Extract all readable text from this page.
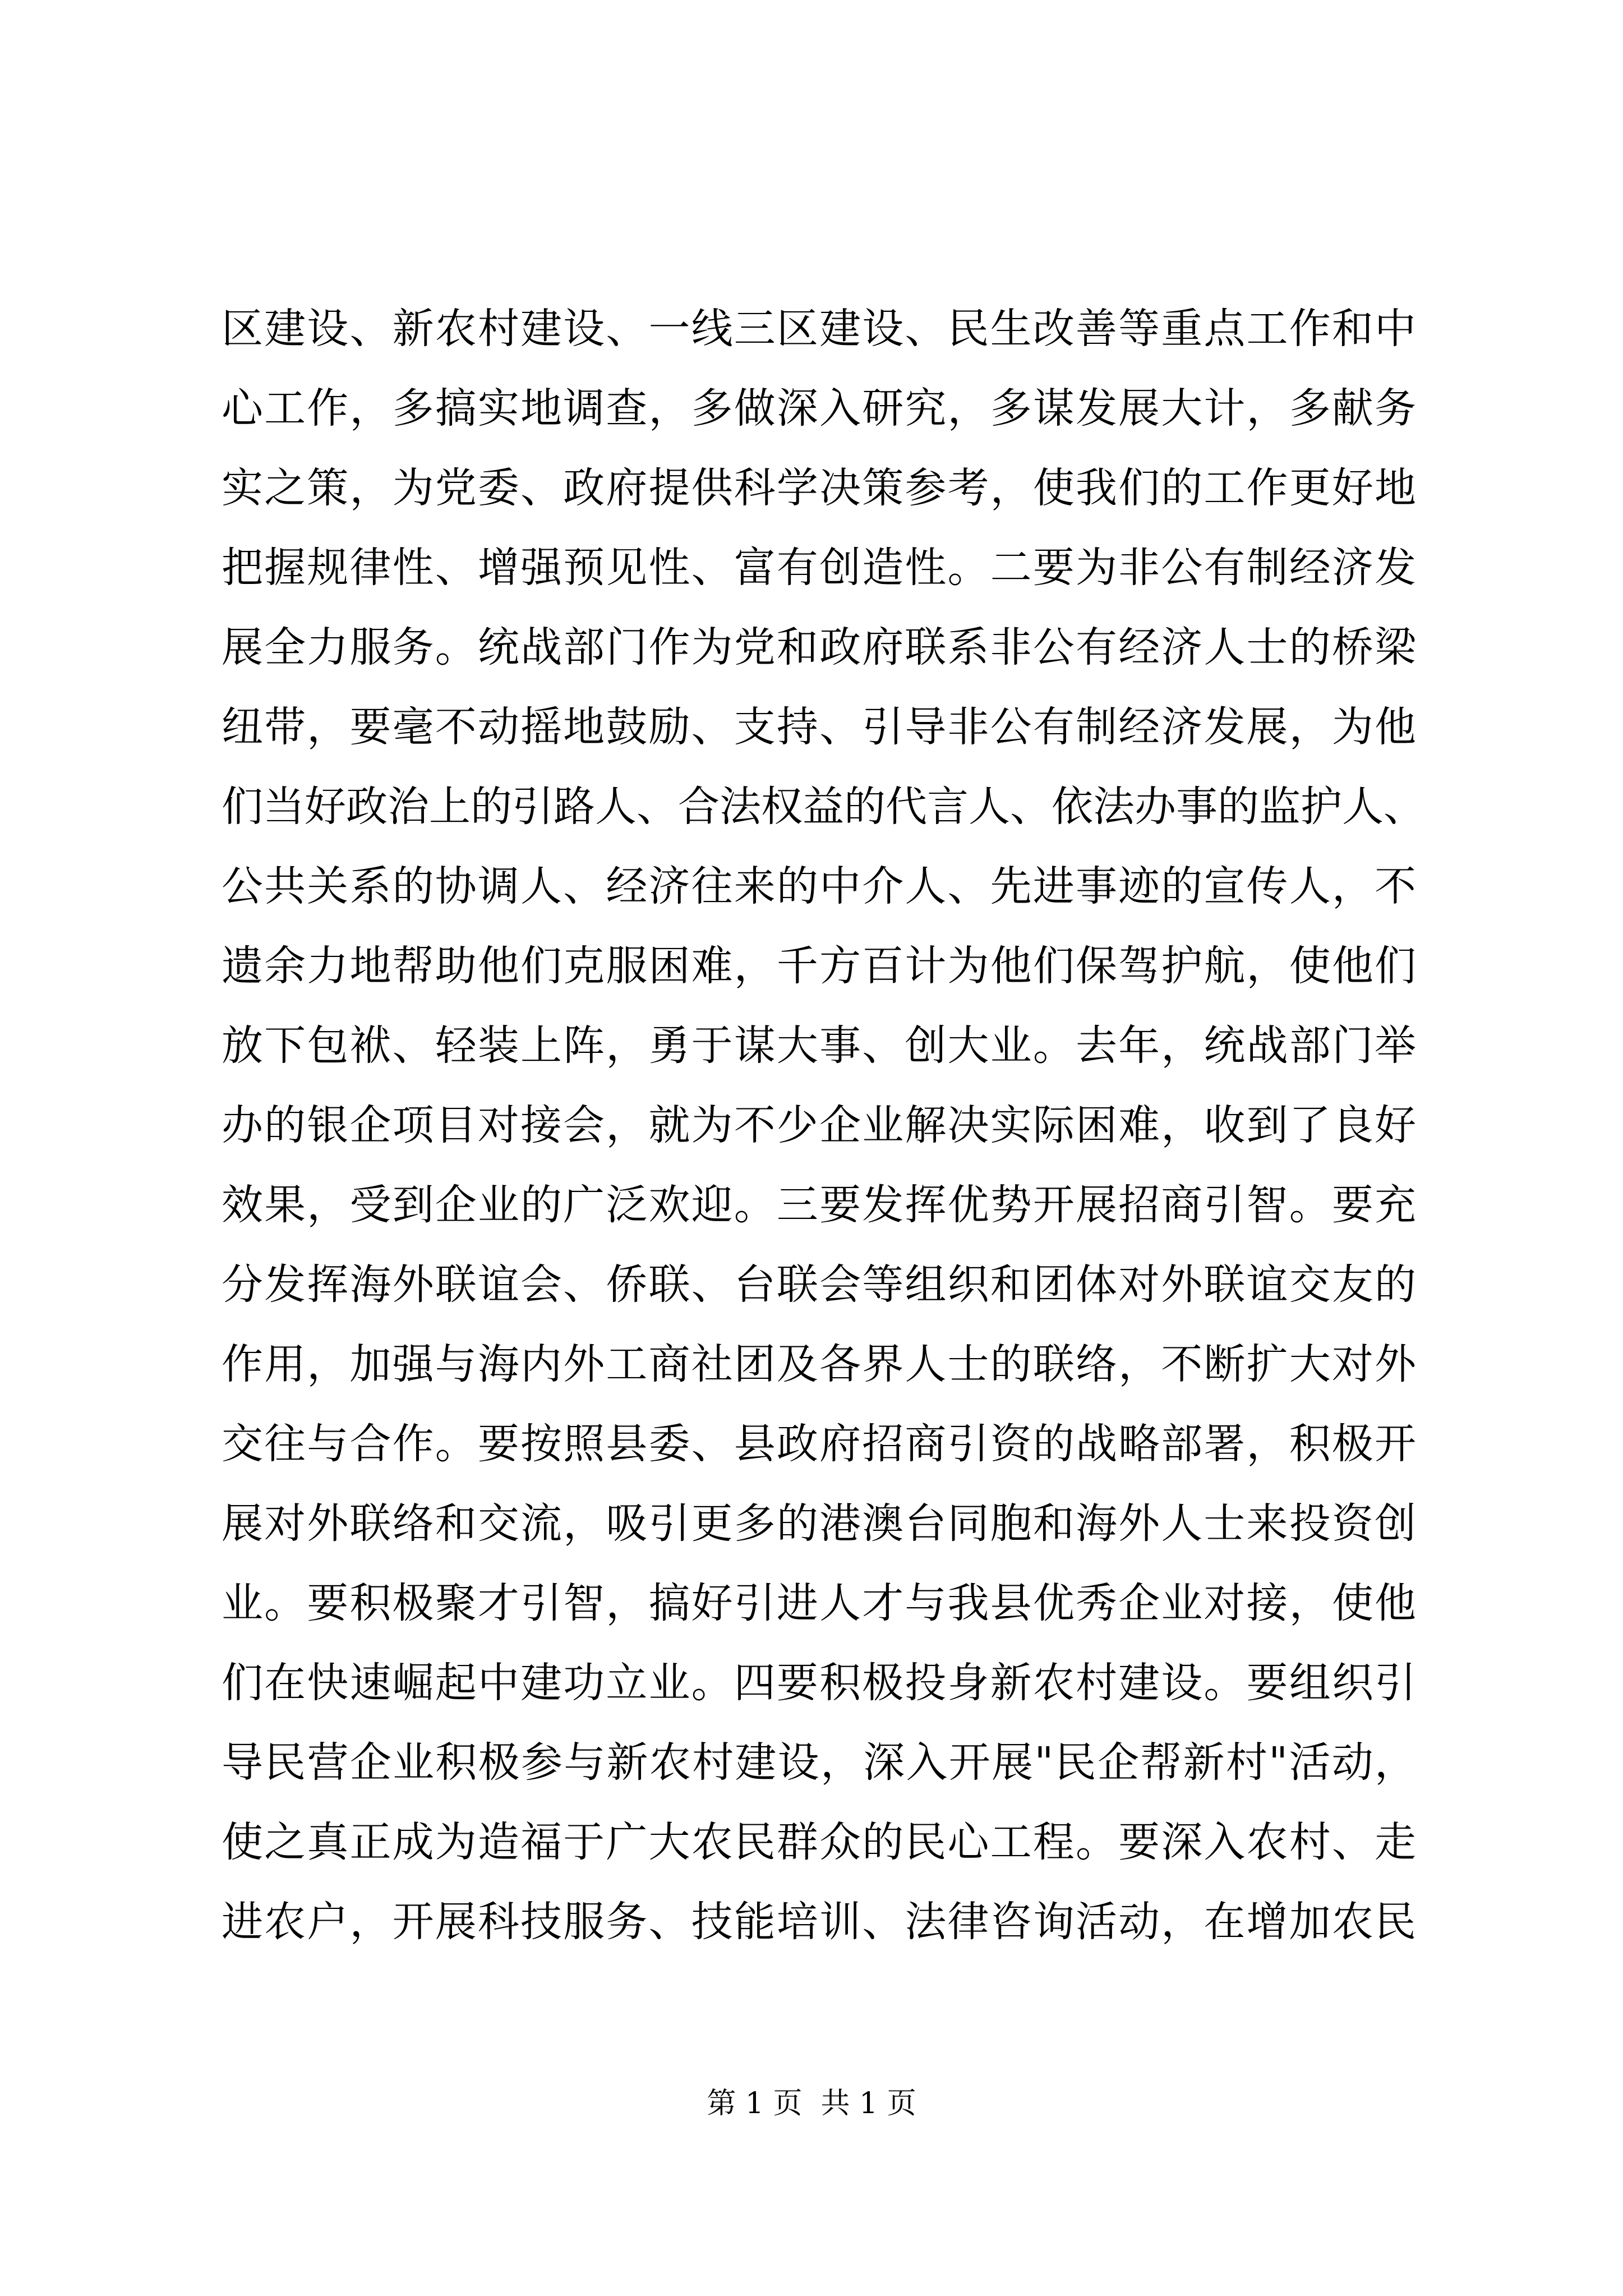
区建设、新农村建设、一线三区建设、民生改善等重点工作和中
心工作，多搞实地调查，多做深入研究，多谋发展大计，多献务
实之策，为党委、政府提供科学决策参考，使我们的工作更好地
把握规律性、增强预见性、富有创造性。二要为非公有制经济发
展全力服务。统战部门作为党和政府联系非公有经济人士的桥梁
纽带，要毫不动摇地鼓励、支持、引导非公有制经济发展，为他
们当好政治上的引路人、合法权益的代言人、依法办事的监护人、
公共关系的协调人、经济往来的中介人、先进事迹的宣传人，不
遗余力地帮助他们克服困难，千方百计为他们保驾护航，使他们
放下包袱、轻装上阵，勇于谋大事、创大业。去年，统战部门举
办的银企项目对接会，就为不少企业解决实际困难，收到了良好
效果，受到企业的广泛欢迎。三要发挥优势开展招商引智。要充
分发挥海外联谊会、侨联、台联会等组织和团体对外联谊交友的
作用，加强与海内外工商社团及各界人士的联络，不断扩大对外
交往与合作。要按照县委、县政府招商引资的战略部署，积极开
展对外联络和交流，吸引更多的港澳台同胞和海外人士来投资创
业。要积极聚才引智，搞好引进人才与我县优秀企业对接，使他
们在快速崛起中建功立业。四要积极投身新农村建设。要组织引
导民营企业积极参与新农村建设，深入开展"民企帮新村"活动，
使之真正成为造福于广大农民群众的民心工程。要深入农村、走
进农户，开展科技服务、技能培训、法律咨询活动，在增加农民
第 1 页  共 1 页
